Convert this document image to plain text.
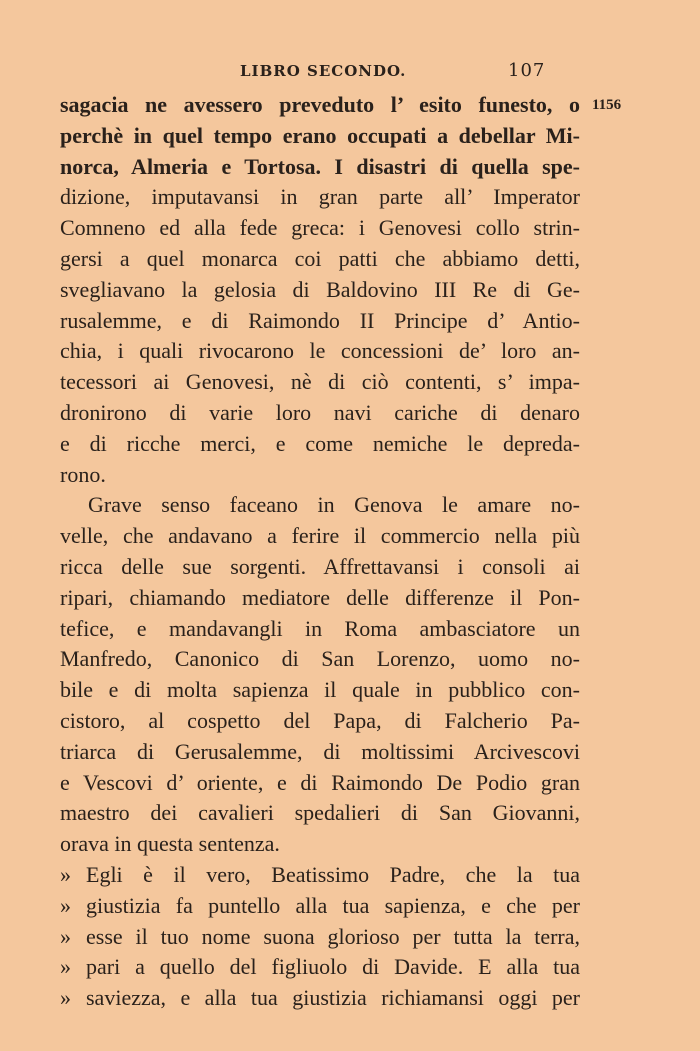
LIBRO SECONDO.	107
1156
sagacia ne avessero preveduto l’ esito funesto, o
perchè in quel tempo erano occupati a debellar Mi-
norca, Almeria e Tortosa. I disastri di quella spe-
dizione, imputavansi in gran parte all’ Imperator
Comneno ed alla fede greca: i Genovesi collo strin-
gersi a quel monarca coi patti che abbiamo detti,
svegliavano la gelosia di Baldovino III Re di Ge-
rusalemme, e di Raimondo II Principe d’ Antio-
chia, i quali rivocarono le concessioni de’ loro an-
tecessori ai Genovesi, nè di ciò contenti, s’ impa-
dronirono di varie loro navi cariche di denaro
e di ricche merci, e come nemiche le depreda-
rono.
Grave senso faceano in Genova le amare no-
velle, che andavano a ferire il commercio nella più
ricca delle sue sorgenti. Affrettavansi i consoli ai
ripari, chiamando mediatore delle differenze il Pon-
tefice, e mandavangli in Roma ambasciatore un
Manfredo, Canonico di San Lorenzo, uomo no-
bile e di molta sapienza il quale in pubblico con-
cistoro, al cospetto del Papa, di Falcherio Pa-
triarca di Gerusalemme, di moltissimi Arcivescovi
e Vescovi d’ oriente, e di Raimondo De Podio gran
maestro dei cavalieri spedalieri di San Giovanni,
orava in questa sentenza.
» Egli è il vero, Beatissimo Padre, che la tua
» giustizia fa puntello alla tua sapienza, e che per
» esse il tuo nome suona glorioso per tutta la terra,
» pari a quello del figliuolo di Davide. E alla tua
» saviezza, e alla tua giustizia richiamansi oggi per
